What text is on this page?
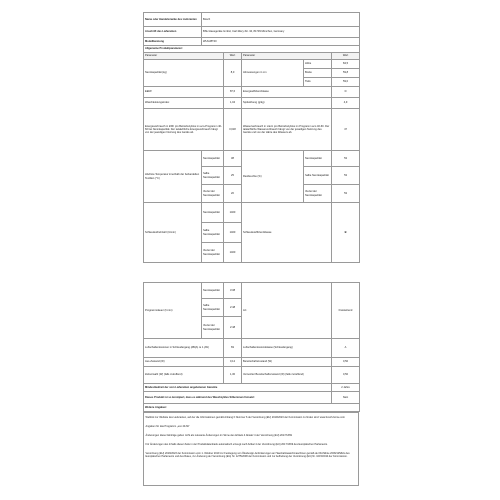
Name oder Handelsmarke des Lieferanten	Bosch				
Anschrift des Lieferanten	BSH Hausgeräte GmbH, Carl-Wery-Str. 34, 81739 München, Germany				
Modellkennung	WUU28T40				
Allgemeine Produktparameter:					
Parameter		Wert	Parameter		Wert
Nennkapazität (kg)		8,0	Abmessungen in cm	Höhe	84,5
				Breite	59,8
				Tiefe	59,0
EEIW		87,6	Energieeffizienzklasse		D
Waschleistungsindex		1,04	Spülwirkung (g/kg)		4,9
Energieverbrauch in kWh pro Betriebszyklus im eco-Programm 40-60 bei Nennkapazität. Der tatsächliche Energieverbrauch hängt von der jeweiligen Nutzung des Geräts ab.		0,618	Wasserverbrauch in Litern pro Betriebszyklus im Programm eco 40-60. Der tatsächliche Wasserverbrauch hängt von der jeweiligen Nutzung des Geräts und von der Härte des Wassers ab.		47
Höchste Temperatur innerhalb der behandelten Textilien (°C)	Nennkapazität	38	Restfeuchte (%)	Nennkapazität	53
	halbe Nennkapazität	25		halbe Nennkapazität	53
	Viertel der Nennkapazität	20		Viertel der Nennkapazität	53
Schleuderdrehzahl (U/min)	Nennkapazität	1400	Schleudereffizienzklasse		B
	halbe Nennkapazität	1400			
	Viertel der Nennkapazität	1400			
Programmdauer (h:min)	Nennkapazität	3:38	Art	Freistehend
	halbe Nennkapazität	2:48		
	Viertel der Nennkapazität	2:48		
Luftschallemissionen in Schleudergang (dB(A) re 1 pW)		69	Luftschallemissionsklasse (Schleudergang)	A
Aus-Zustand (W)		0,12	Bereitschaftszustand (W)	0,50
Zeitvorwahl (W) (falls zutreffend)		1,30	Vernetzter Bereitschaftszustand (W) (falls zutreffend)	0,50
Mindestlaufzeit der vom Lieferanten angebotenen Garantie				2 Jahre
Dieses Produkt ist so konzipiert, dass es während des Waschzyklus Silberionen freisetzt				Nein
Weitere Angaben:				

Weblink zur Website des Lieferanten, auf der die Informationen gemäß Anhang II Nummer 6 der Verordnung (EU) 2019/2023 der Kommission zu finden sind: www.bosch-home.com

Angaben für das Programm „eco 40-60“

Änderungen dieser Einträge gelten nicht als relevante Änderungen im Sinne des Artikels 4 Absatz 4 der Verordnung (EU) 2017/1369

Für Änderungen des Inhalts dieser Zeile in der Produktdatenbank automatisch erzeugt nach Artikel 4 der Verordnung (EU) 2017/1369 des Europäischen Parlaments.

Verordnung (EU) 2019/2023 der Kommission vom 1. Oktober 2019 zur Festlegung von Ökodesign-Anforderungen an Haushaltswaschmaschinen gemäß der Richtlinie 2009/125/EG des Europäischen Parlaments und des Rates, zur Änderung der Verordnung (EG) Nr. 1275/2008 der Kommission und zur Aufhebung der Verordnung (EU) Nr. 1015/2010 der Kommission.
